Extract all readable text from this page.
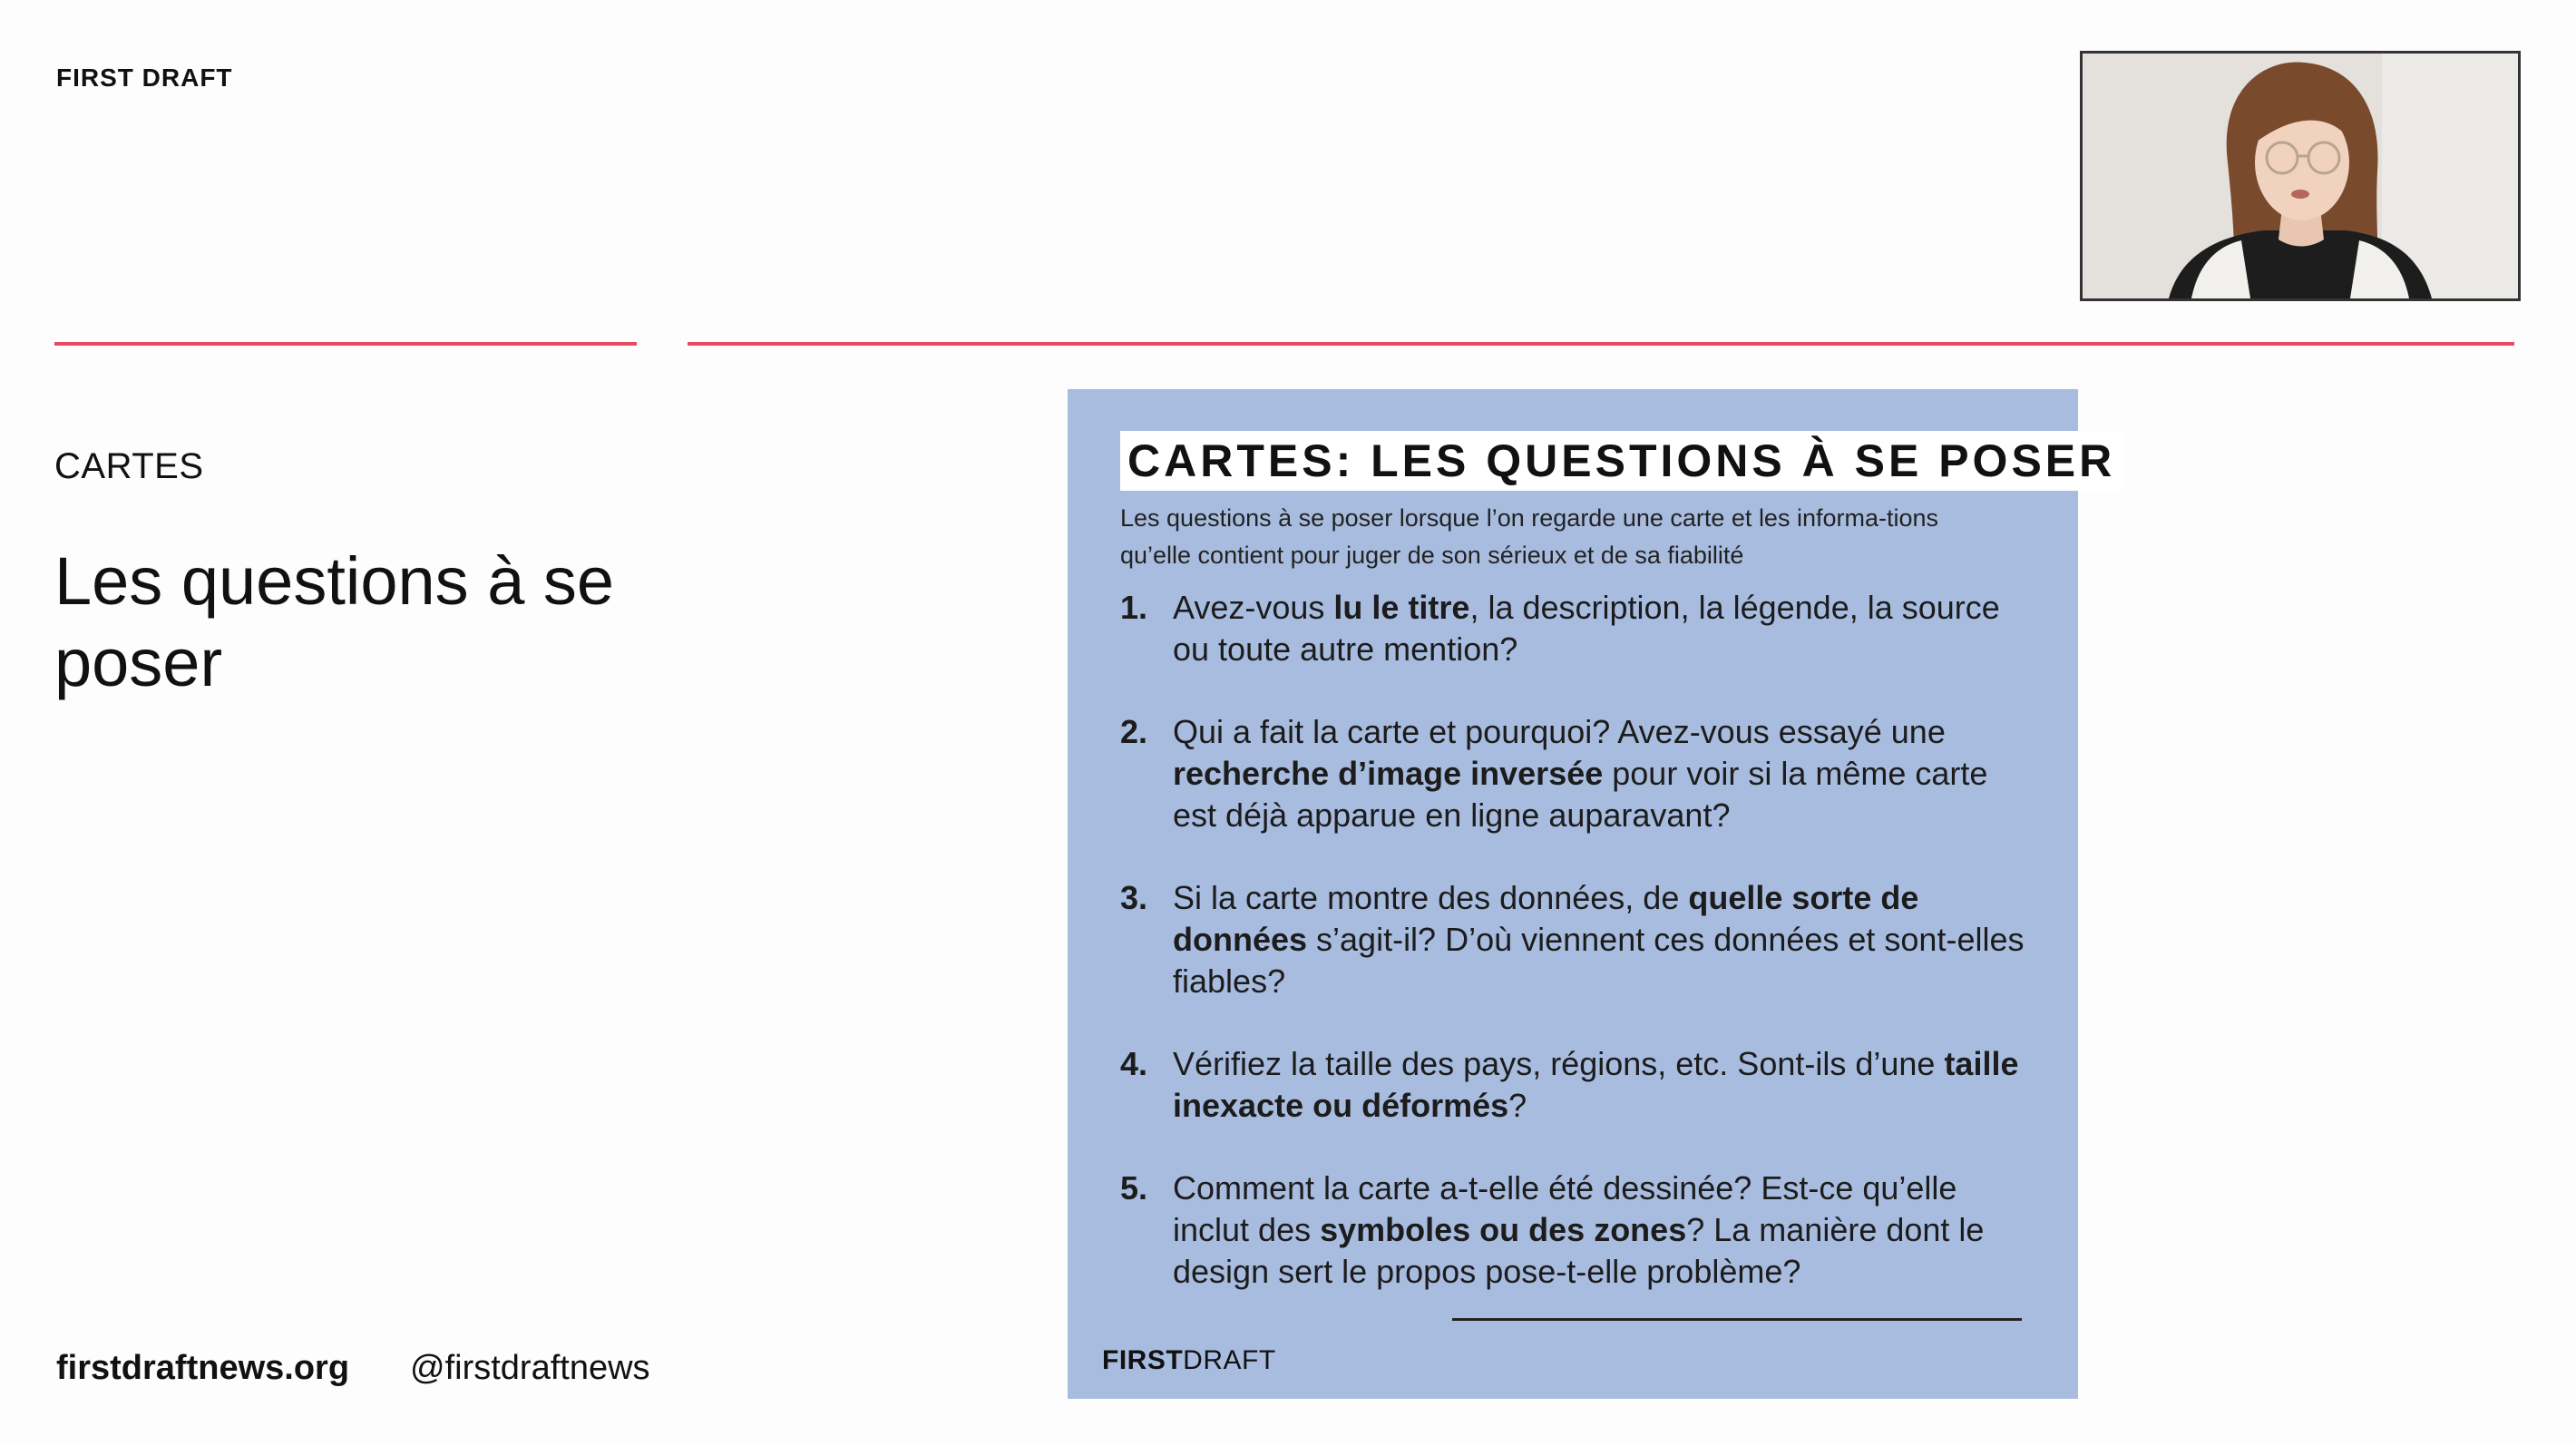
FIRST DRAFT
CARTES
Les questions à se poser
firstdraftnews.org @firstdraftnews
CARTES: LES QUESTIONS À SE POSER
Les questions à se poser lorsque l’on regarde une carte et les informa-tions qu’elle contient pour juger de son sérieux et de sa fiabilité
1. Avez-vous lu le titre, la description, la légende, la source ou toute autre mention?
2. Qui a fait la carte et pourquoi? Avez-vous essayé une recherche d’image inversée pour voir si la même carte est déjà apparue en ligne auparavant?
3. Si la carte montre des données, de quelle sorte de données s’agit-il? D’où viennent ces données et sont-elles fiables?
4. Vérifiez la taille des pays, régions, etc. Sont-ils d’une taille inexacte ou déformés?
5. Comment la carte a-t-elle été dessinée? Est-ce qu’elle inclut des symboles ou des zones? La manière dont le design sert le propos pose-t-elle problème?
FIRSTDRAFT
